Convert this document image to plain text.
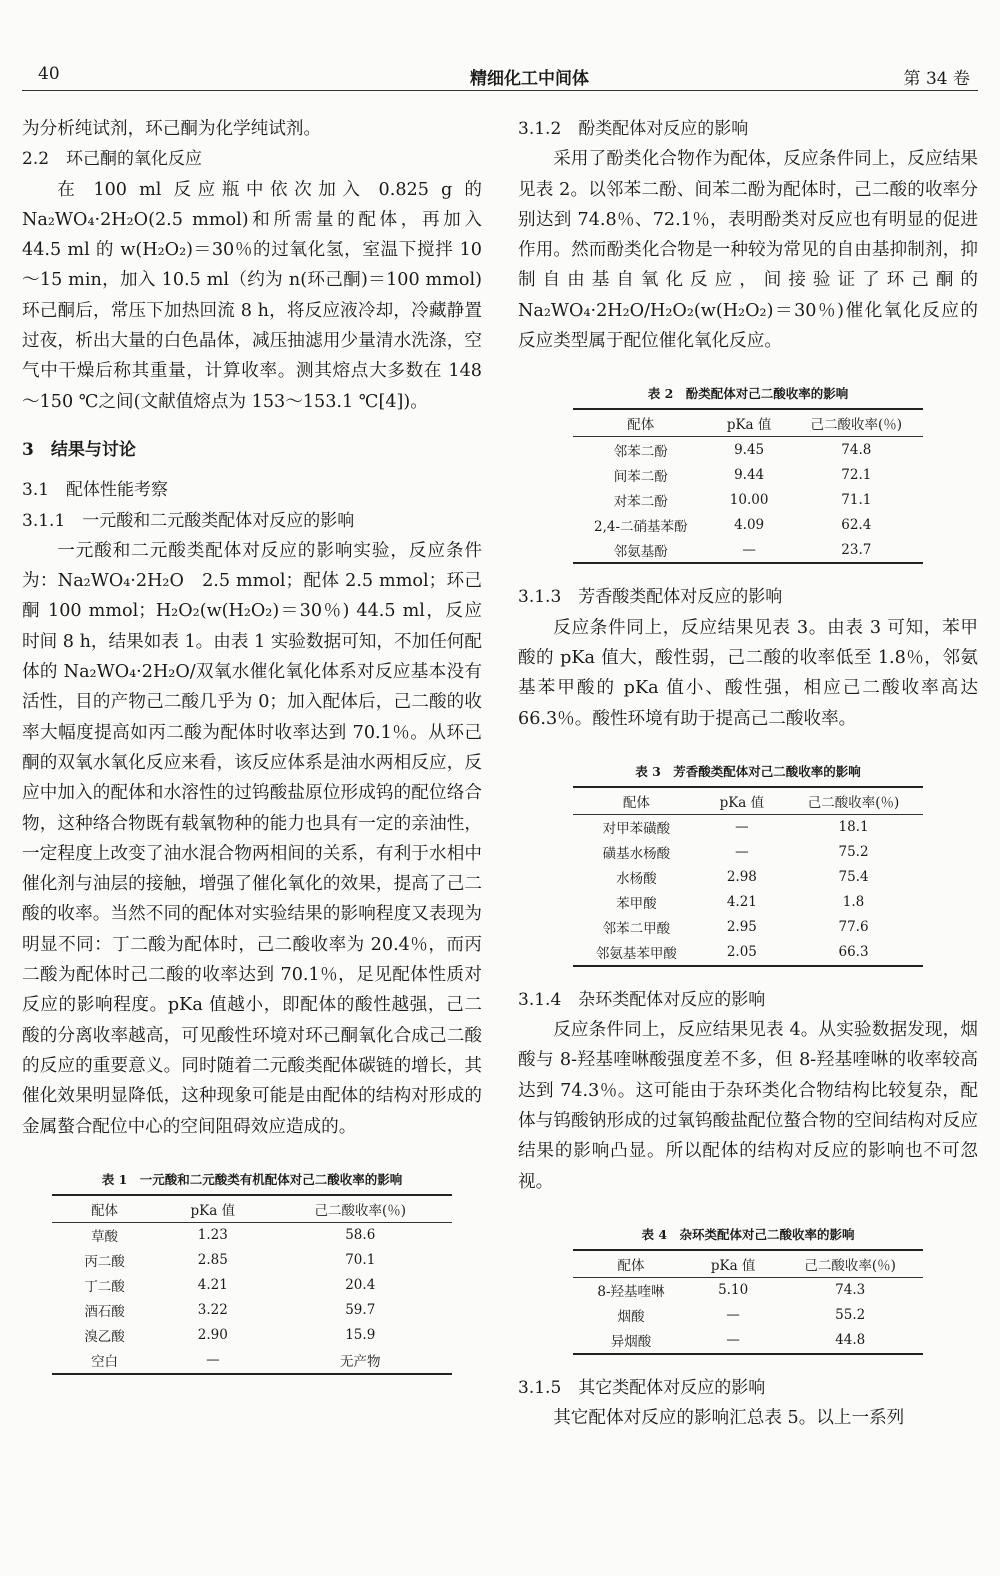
40	精细化工中间体	第 34 卷

为分析纯试剂，环己酮为化学纯试剂。

2.2　环己酮的氧化反应

在 100 ml 反应瓶中依次加入 0.825 g 的 Na₂WO₄·2H₂O(2.5 mmol)和所需量的配体，再加入 44.5 ml 的 w(H₂O₂)＝30％的过氧化氢，室温下搅拌 10～15 min，加入 10.5 ml（约为 n(环己酮)＝100 mmol)环己酮后，常压下加热回流 8 h，将反应液冷却，冷藏静置过夜，析出大量的白色晶体，减压抽滤用少量清水洗涤，空气中干燥后称其重量，计算收率。测其熔点大多数在 148～150 ℃之间(文献值熔点为 153～153.1 ℃[4])。

3　结果与讨论

3.1　配体性能考察

3.1.1　一元酸和二元酸类配体对反应的影响

一元酸和二元酸类配体对反应的影响实验，反应条件为：Na₂WO₄·2H₂O　2.5 mmol；配体 2.5 mmol；环己酮 100 mmol；H₂O₂(w(H₂O₂)＝30％) 44.5 ml，反应时间 8 h，结果如表 1。由表 1 实验数据可知，不加任何配体的 Na₂WO₄·2H₂O/双氧水催化氧化体系对反应基本没有活性，目的产物己二酸几乎为 0；加入配体后，己二酸的收率大幅度提高如丙二酸为配体时收率达到 70.1％。从环己酮的双氧水氧化反应来看，该反应体系是油水两相反应，反应中加入的配体和水溶性的过钨酸盐原位形成钨的配位络合物，这种络合物既有载氧物种的能力也具有一定的亲油性，一定程度上改变了油水混合物两相间的关系，有利于水相中催化剂与油层的接触，增强了催化氧化的效果，提高了己二酸的收率。当然不同的配体对实验结果的影响程度又表现为明显不同：丁二酸为配体时，己二酸收率为 20.4％，而丙二酸为配体时己二酸的收率达到 70.1％，足见配体性质对反应的影响程度。pKa 值越小，即配体的酸性越强，己二酸的分离收率越高，可见酸性环境对环己酮氧化合成己二酸的反应的重要意义。同时随着二元酸类配体碳链的增长，其催化效果明显降低，这种现象可能是由配体的结构对形成的金属螯合配位中心的空间阻碍效应造成的。

表 1　一元酸和二元酸类有机配体对己二酸收率的影响
配体	pKa 值	己二酸收率(％)
草酸	1.23	58.6
丙二酸	2.85	70.1
丁二酸	4.21	20.4
酒石酸	3.22	59.7
溴乙酸	2.90	15.9
空白	—	无产物

3.1.2　酚类配体对反应的影响

采用了酚类化合物作为配体，反应条件同上，反应结果见表 2。以邻苯二酚、间苯二酚为配体时，己二酸的收率分别达到 74.8％、72.1％，表明酚类对反应也有明显的促进作用。然而酚类化合物是一种较为常见的自由基抑制剂，抑制自由基自氧化反应，间接验证了环己酮的 Na₂WO₄·2H₂O/H₂O₂(w(H₂O₂)＝30％)催化氧化反应的反应类型属于配位催化氧化反应。

表 2　酚类配体对己二酸收率的影响
配体	pKa 值	己二酸收率(％)
邻苯二酚	9.45	74.8
间苯二酚	9.44	72.1
对苯二酚	10.00	71.1
2,4-二硝基苯酚	4.09	62.4
邻氨基酚	—	23.7

3.1.3　芳香酸类配体对反应的影响

反应条件同上，反应结果见表 3。由表 3 可知，苯甲酸的 pKa 值大，酸性弱，己二酸的收率低至 1.8％，邻氨基苯甲酸的 pKa 值小、酸性强，相应己二酸收率高达 66.3％。酸性环境有助于提高己二酸收率。

表 3　芳香酸类配体对己二酸收率的影响
配体	pKa 值	己二酸收率(％)
对甲苯磺酸	—	18.1
磺基水杨酸	—	75.2
水杨酸	2.98	75.4
苯甲酸	4.21	1.8
邻苯二甲酸	2.95	77.6
邻氨基苯甲酸	2.05	66.3

3.1.4　杂环类配体对反应的影响

反应条件同上，反应结果见表 4。从实验数据发现，烟酸与 8-羟基喹啉酸强度差不多，但 8-羟基喹啉的收率较高达到 74.3％。这可能由于杂环类化合物结构比较复杂，配体与钨酸钠形成的过氧钨酸盐配位螯合物的空间结构对反应结果的影响凸显。所以配体的结构对反应的影响也不可忽视。

表 4　杂环类配体对己二酸收率的影响
配体	pKa 值	己二酸收率(％)
8-羟基喹啉	5.10	74.3
烟酸	—	55.2
异烟酸	—	44.8

3.1.5　其它类配体对反应的影响

其它配体对反应的影响汇总表 5。以上一系列
